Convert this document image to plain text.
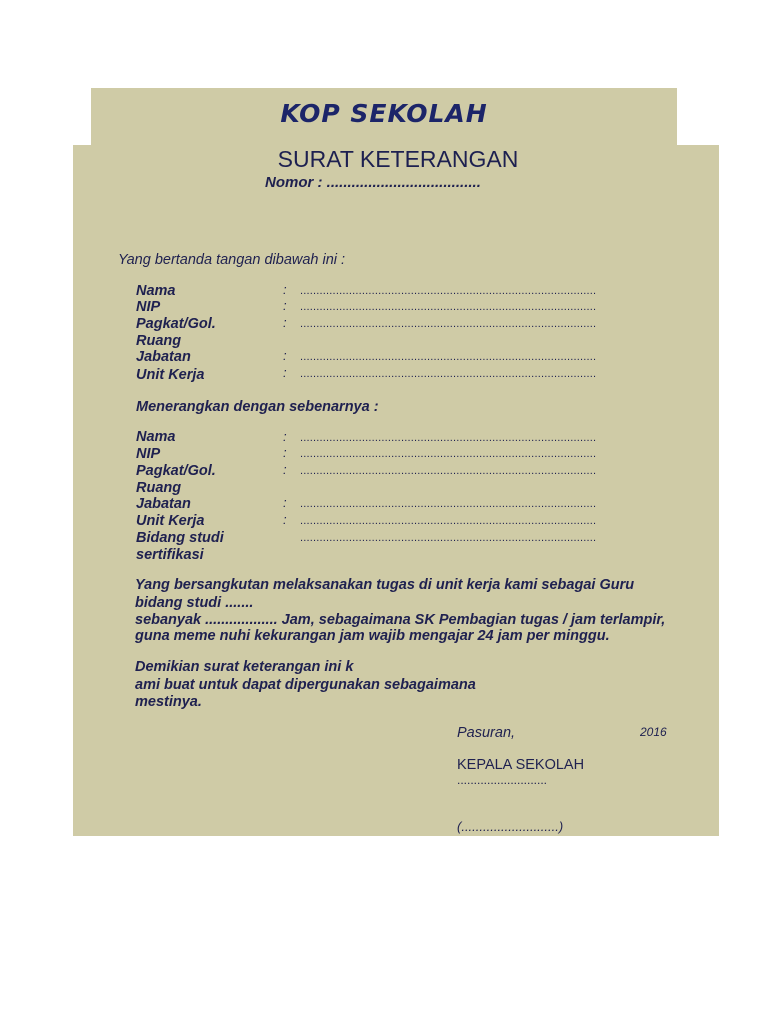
KOP SEKOLAH
SURAT KETERANGAN
Nomor : .....................................
Yang bertanda tangan dibawah ini :
Nama
NIP
Pagkat/Gol.
Ruang
Jabatan
Unit Kerja
:
:
:
:
:
...........................................................................................
...........................................................................................
...........................................................................................
...........................................................................................
...........................................................................................
Menerangkan dengan sebenarnya :
Nama
NIP
Pagkat/Gol.
Ruang
Jabatan
Unit Kerja
Bidang studi
sertifikasi
:
:
:
:
:
...........................................................................................
...........................................................................................
...........................................................................................
...........................................................................................
...........................................................................................
...........................................................................................
Yang bersangkutan melaksanakan tugas di unit kerja kami sebagai Guru
bidang studi .......
sebanyak .................. Jam, sebagaimana SK Pembagian tugas / jam terlampir,
guna meme nuhi kekurangan jam wajib mengajar 24 jam per minggu.
Demikian surat keterangan ini k
ami buat untuk dapat dipergunakan sebagaimana
mestinya.
Pasuran,	2016
KEPALA SEKOLAH
...........................
(...........................)
